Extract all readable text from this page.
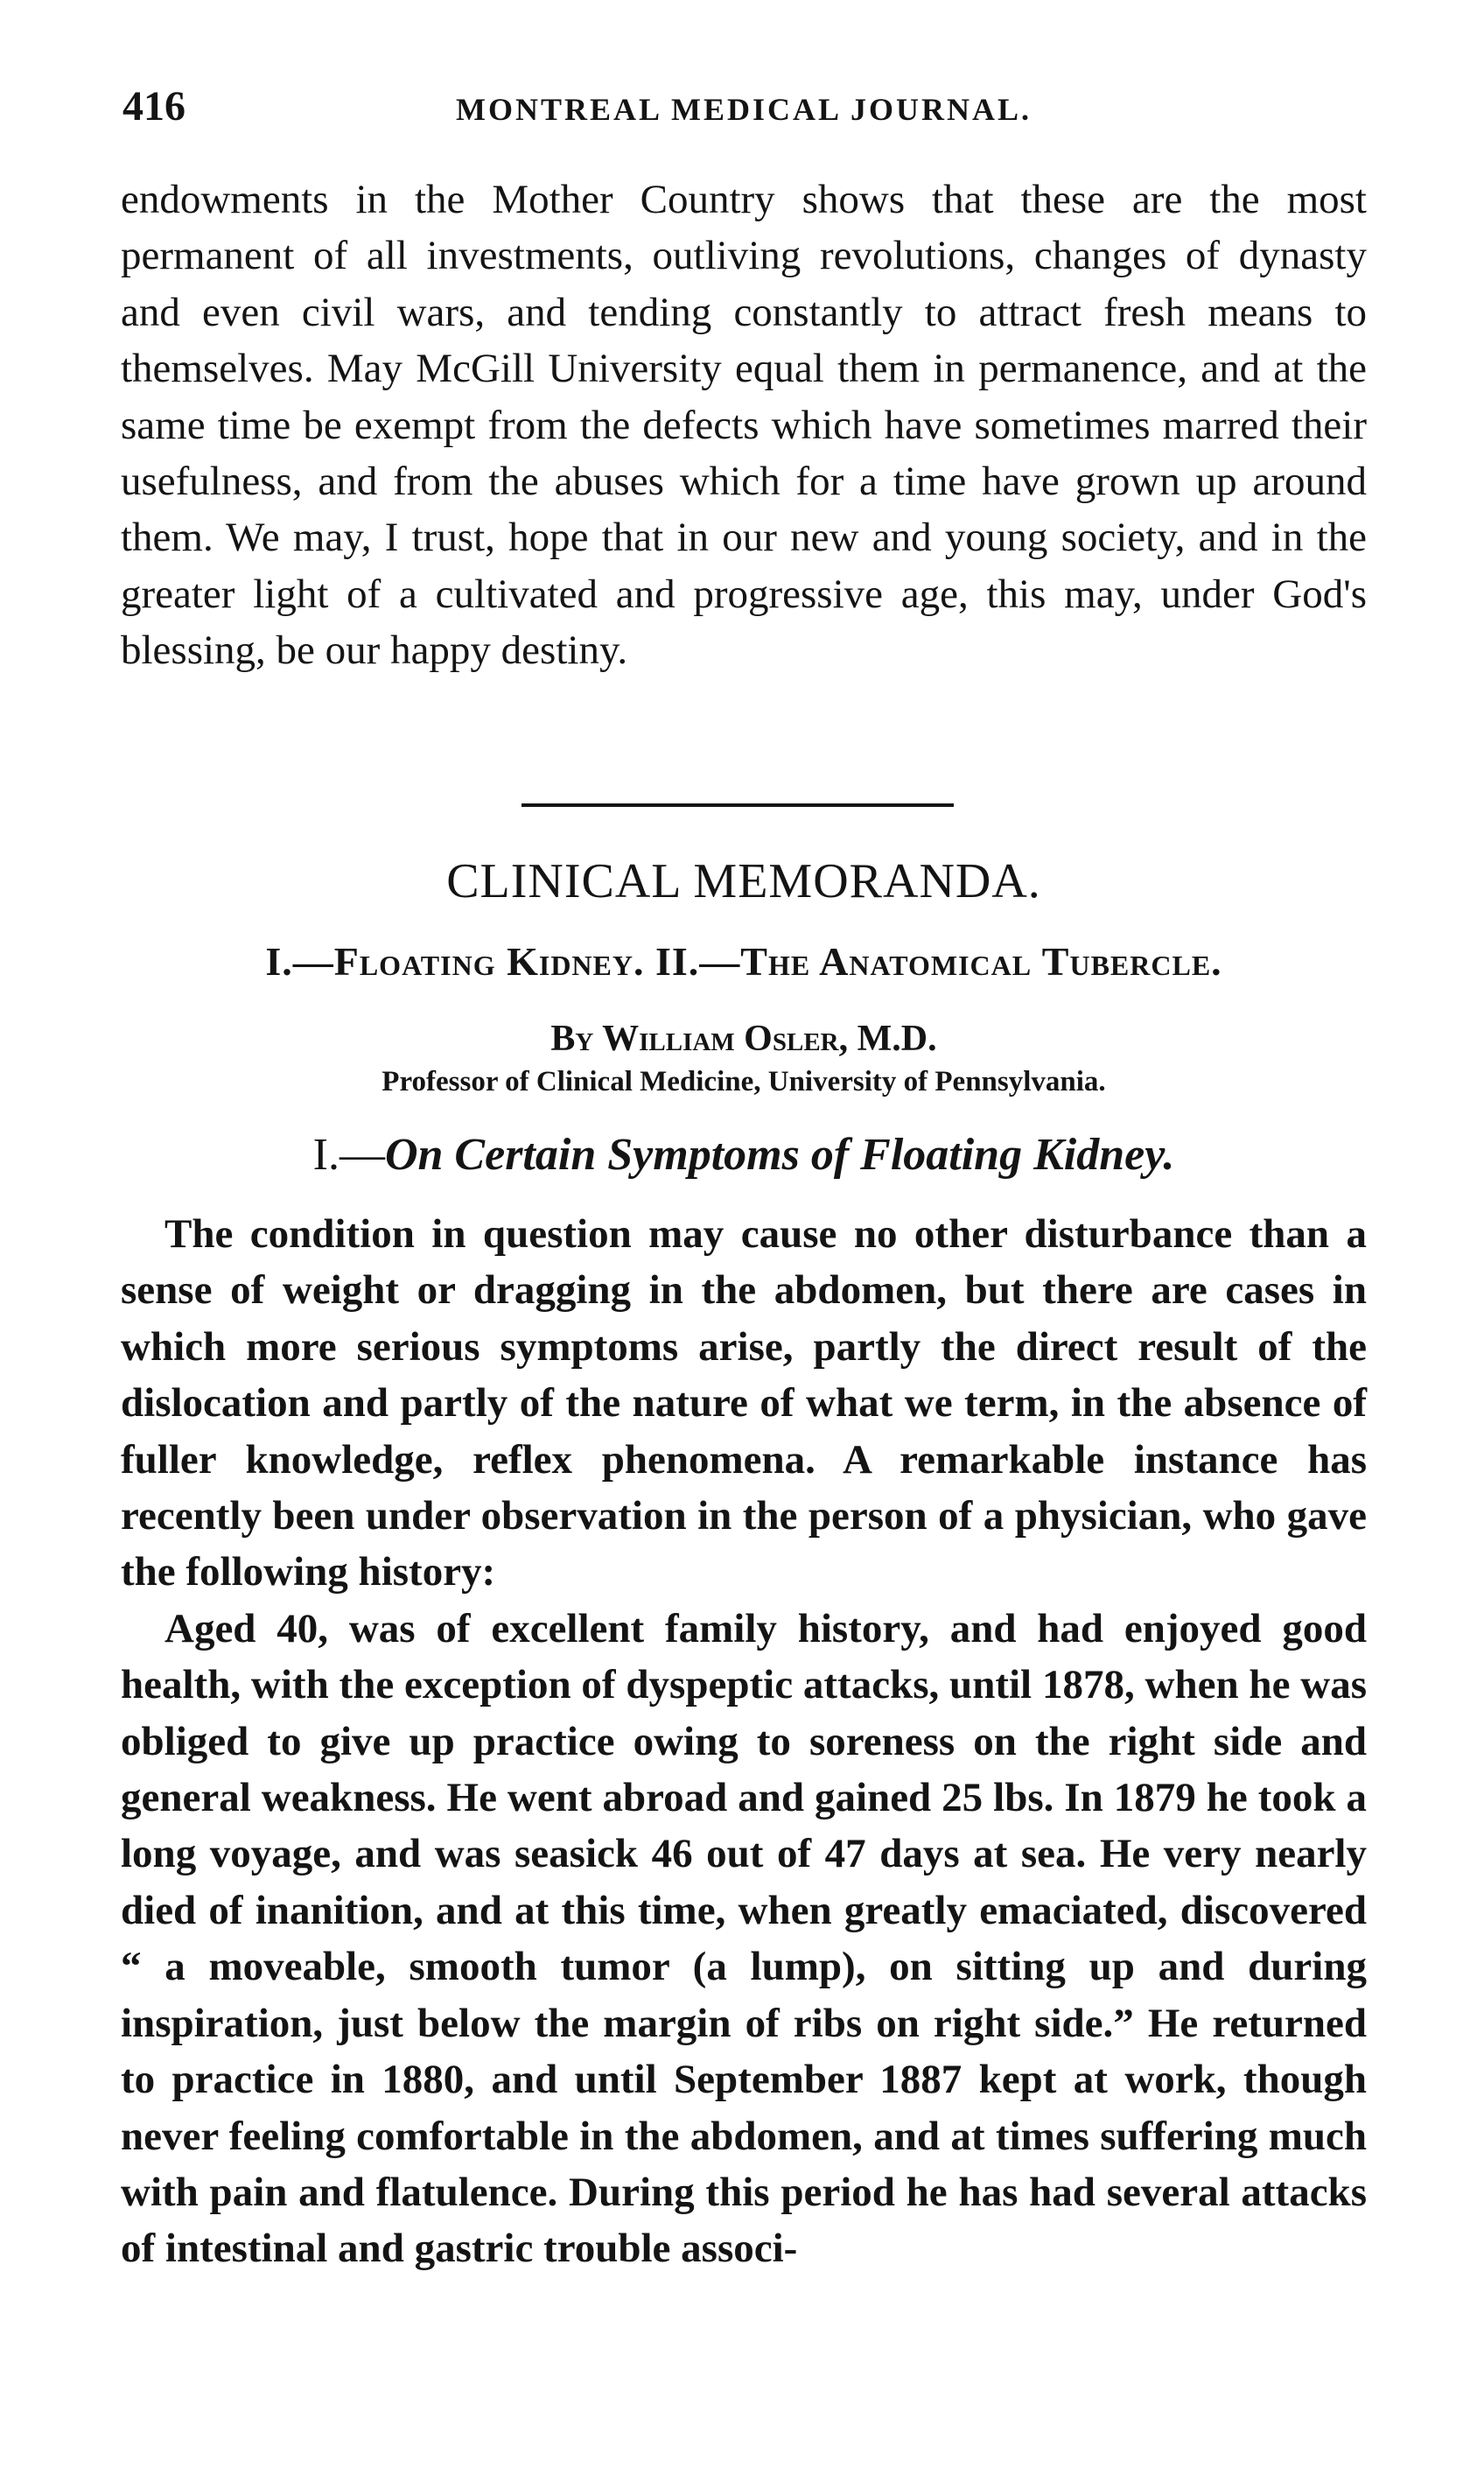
416	MONTREAL MEDICAL JOURNAL.

endowments in the Mother Country shows that these are the most permanent of all investments, outliving revolutions, changes of dynasty and even civil wars, and tending constantly to attract fresh means to themselves. May McGill University equal them in permanence, and at the same time be exempt from the defects which have sometimes marred their usefulness, and from the abuses which for a time have grown up around them. We may, I trust, hope that in our new and young society, and in the greater light of a cultivated and progressive age, this may, under God's blessing, be our happy destiny.

CLINICAL MEMORANDA.
I.—Floating Kidney. II.—The Anatomical Tubercle.
By William Osler, M.D.
Professor of Clinical Medicine, University of Pennsylvania.
I.—On Certain Symptoms of Floating Kidney.

The condition in question may cause no other disturbance than a sense of weight or dragging in the abdomen, but there are cases in which more serious symptoms arise, partly the direct result of the dislocation and partly of the nature of what we term, in the absence of fuller knowledge, reflex phenomena. A remarkable instance has recently been under observation in the person of a physician, who gave the following history:

Aged 40, was of excellent family history, and had enjoyed good health, with the exception of dyspeptic attacks, until 1878, when he was obliged to give up practice owing to soreness on the right side and general weakness. He went abroad and gained 25 lbs. In 1879 he took a long voyage, and was seasick 46 out of 47 days at sea. He very nearly died of inanition, and at this time, when greatly emaciated, discovered “ a moveable, smooth tumor (a lump), on sitting up and during inspiration, just below the margin of ribs on right side.” He returned to practice in 1880, and until September 1887 kept at work, though never feeling comfortable in the abdomen, and at times suffering much with pain and flatulence. During this period he has had several attacks of intestinal and gastric trouble associ-
